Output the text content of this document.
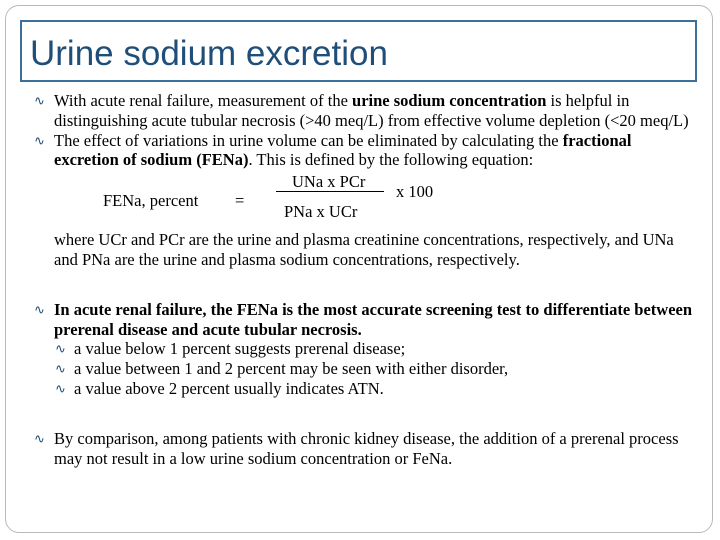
Urine sodium excretion
∿ With acute renal failure, measurement of the urine sodium concentration is helpful in distinguishing acute tubular necrosis (>40 meq/L) from effective volume depletion (<20 meq/L)
∿ The effect of variations in urine volume can be eliminated by calculating the fractional excretion of sodium (FENa). This is defined by the following equation:
UNa x PCr
FENa, percent =	x 100
PNa x UCr
where UCr and PCr are the urine and plasma creatinine concentrations, respectively, and UNa and PNa are the urine and plasma sodium concentrations, respectively.
∿ In acute renal failure, the FENa is the most accurate screening test to differentiate between prerenal disease and acute tubular necrosis.
∿ a value below 1 percent suggests prerenal disease;
∿ a value between 1 and 2 percent may be seen with either disorder,
∿ a value above 2 percent usually indicates ATN.
∿ By comparison, among patients with chronic kidney disease, the addition of a prerenal process may not result in a low urine sodium concentration or FeNa.
